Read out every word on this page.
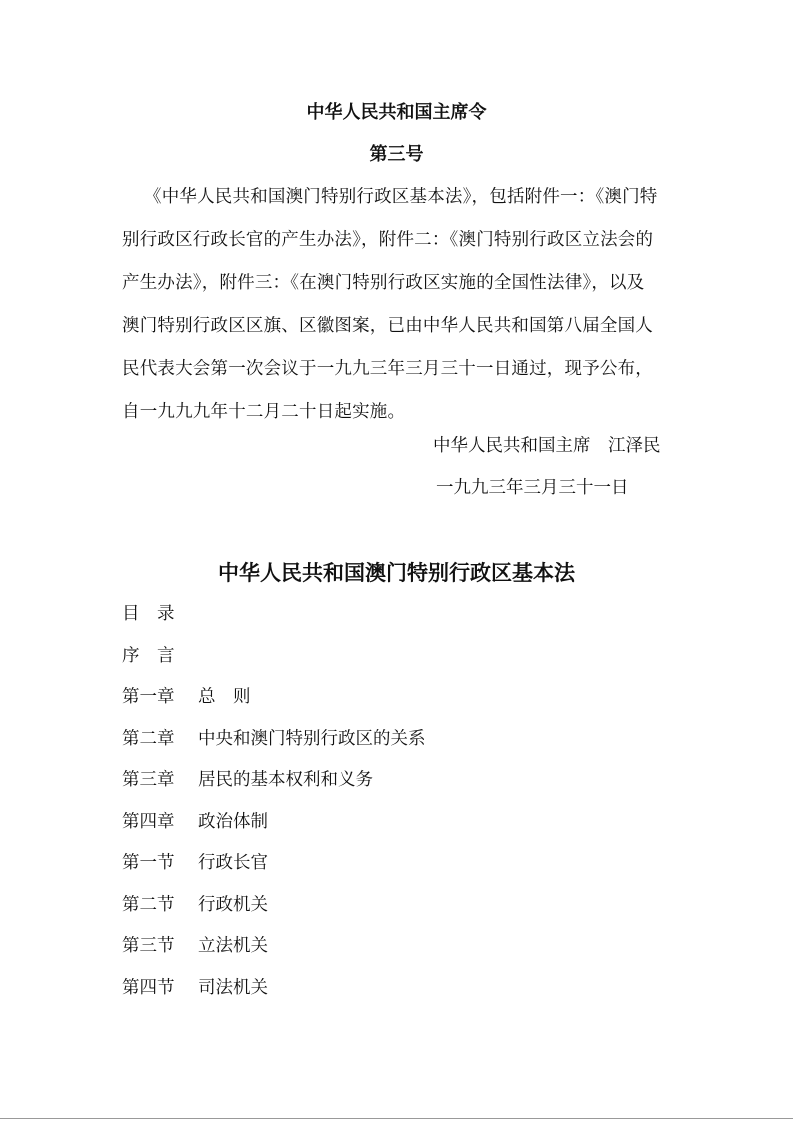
中华人民共和国主席令
第三号
《中华人民共和国澳门特别行政区基本法》，包括附件一：《澳门特
别行政区行政长官的产生办法》，附件二：《澳门特别行政区立法会的
产生办法》，附件三：《在澳门特别行政区实施的全国性法律》，以及
澳门特别行政区区旗、区徽图案，已由中华人民共和国第八届全国人
民代表大会第一次会议于一九九三年三月三十一日通过，现予公布，
自一九九九年十二月二十日起实施。
中华人民共和国主席　江泽民
一九九三年三月三十一日
中华人民共和国澳门特别行政区基本法
目　录
序　言
第一章 总　则
第二章 中央和澳门特别行政区的关系
第三章 居民的基本权利和义务
第四章 政治体制
第一节 行政长官
第二节 行政机关
第三节 立法机关
第四节 司法机关
